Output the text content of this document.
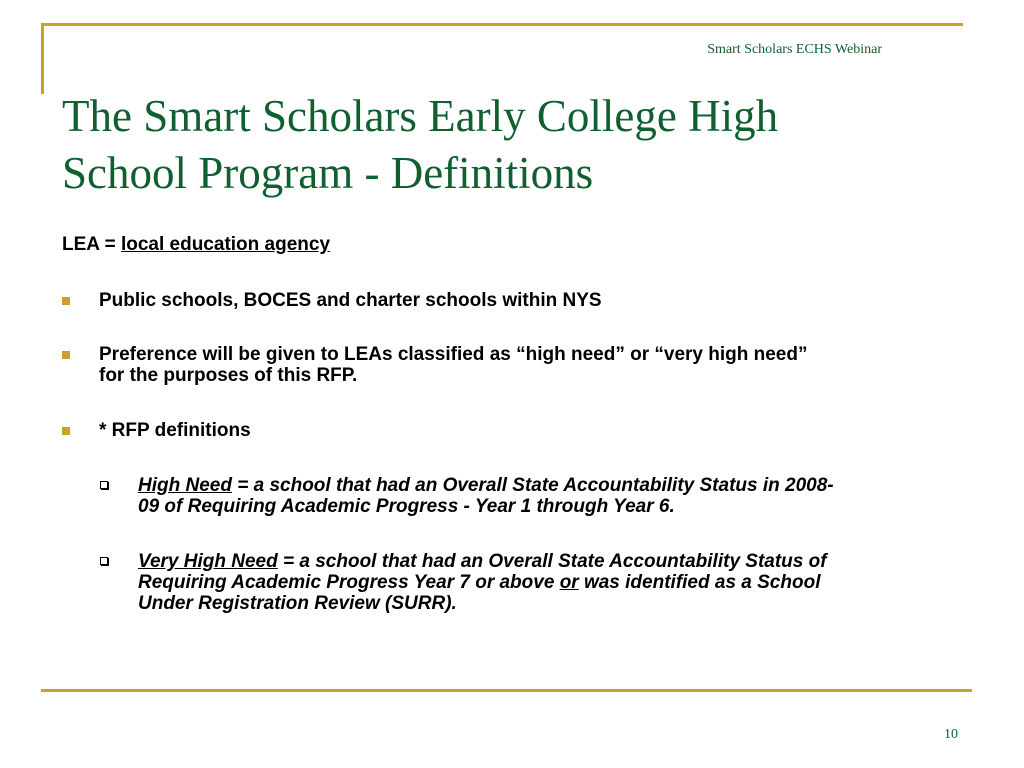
Smart Scholars ECHS Webinar
The Smart Scholars Early College High
School Program - Definitions
LEA = local education agency
Public schools, BOCES and charter schools within NYS
Preference will be given to LEAs classified as “high need” or “very high need”
for the purposes of this RFP.
* RFP definitions
High Need = a school that had an Overall State Accountability Status in 2008-
09 of Requiring Academic Progress - Year 1 through Year 6.
Very High Need = a school that had an Overall State Accountability Status of
Requiring Academic Progress Year 7 or above or was identified as a School
Under Registration Review (SURR).
10
